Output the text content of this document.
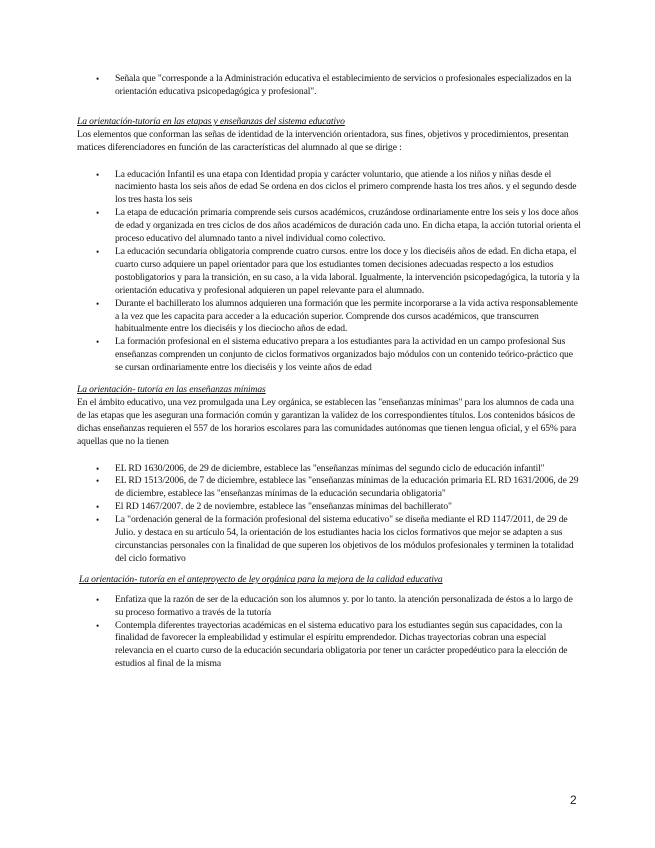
• Señala que "corresponde a la Administración educativa el establecimiento de servicios o profesionales especializados en la orientación educativa psicopedagógica y profesional".
La orientación-tutoría en las etapas y enseñanzas del sistema educativo
Los elementos que conforman las señas de identidad de la intervención orientadora, sus fines, objetivos y procedimientos, presentan matices diferenciadores en función de las características del alumnado al que se dirige :
• La educación Infantil es una etapa con Identidad propia y carácter voluntario, que atiende a los niños y niñas desde el nacimiento hasta los seis años de edad Se ordena en dos ciclos el primero comprende hasta los tres años. y el segundo desde los tres hasta los seis
• La etapa de educación primaria comprende seis cursos académicos, cruzándose ordinariamente entre los seis y los doce años de edad y organizada en tres ciclos de dos años académicos de duración cada uno. En dicha etapa, la acción tutorial orienta el proceso educativo del alumnado tanto a nivel individual como colectivo.
• La educación secundaria obligatoria comprende cuatro cursos. entre los doce y los dieciséis años de edad. En dicha etapa, el cuarto curso adquiere un papel orientador para que los estudiantes tomen decisiones adecuadas respecto a los estudios postobligatorios y para la transición, en su caso, a la vida laboral. Igualmente, la intervención psicopedagógica, la tutoría y la orientación educativa y profesional adquieren un papel relevante para el alumnado.
• Durante el bachillerato los alumnos adquieren una formación que les permite incorporarse a la vida activa responsablemente a la vez que les capacita para acceder a la educación superior. Comprende dos cursos académicos, que transcurren habitualmente entre los dieciséis y los dieciocho años de edad.
• La formación profesional en el sistema educativo prepara a los estudiantes para la actividad en un campo profesional Sus enseñanzas comprenden un conjunto de ciclos formativos organizados bajo módulos con un contenido teórico-práctico que se cursan ordinariamente entre los dieciséis y los veinte años de edad
La orientación- tutoría en las enseñanzas mínimas
En el ámbito educativo, una vez promulgada una Ley orgánica, se establecen las "enseñanzas mínimas" para los alumnos de cada una de las etapas que les aseguran una formación común y garantizan la validez de los correspondientes títulos. Los contenidos básicos de dichas enseñanzas requieren el 557 de los horarios escolares para las comunidades autónomas que tienen lengua oficial, y el 65% para aquellas que no la tienen
• EL RD 1630/2006, de 29 de diciembre, establece las "enseñanzas mínimas del segundo ciclo de educación infantil"
• EL RD 1513/2006, de 7 de diciembre, establece las "enseñanzas mínimas de la educación primaria EL RD 1631/2006, de 29 de diciembre, establece las "enseñanzas mínimas de la educación secundaria obligatoria"
• El RD 1467/2007. de 2 de noviembre, establece las "enseñanzas mínimas del bachillerato"
• La "ordenación general de la formación profesional del sistema educativo" se diseña mediante el RD 1147/2011, de 29 de Julio. y destaca en su artículo 54, la orientación de los estudiantes hacia los ciclos formativos que mejor se adapten a sus circunstancias personales con la finalidad de que superen los objetivos de los módulos profesionales y terminen la totalidad del ciclo formativo
La orientación- tutoría en el anteproyecto de ley orgánica para la mejora de la calidad educativa
• Enfatiza que la razón de ser de la educación son los alumnos y. por lo tanto. la atención personalizada de éstos a lo largo de su proceso formativo a través de la tutoría
• Contempla diferentes trayectorias académicas en el sistema educativo para los estudiantes según sus capacidades, con la finalidad de favorecer la empleabilidad y estimular el espíritu emprendedor. Dichas trayectorias cobran una especial relevancia en el cuarto curso de la educación secundaria obligatoria por tener un carácter propedéutico para la elección de estudios al final de la misma
2
